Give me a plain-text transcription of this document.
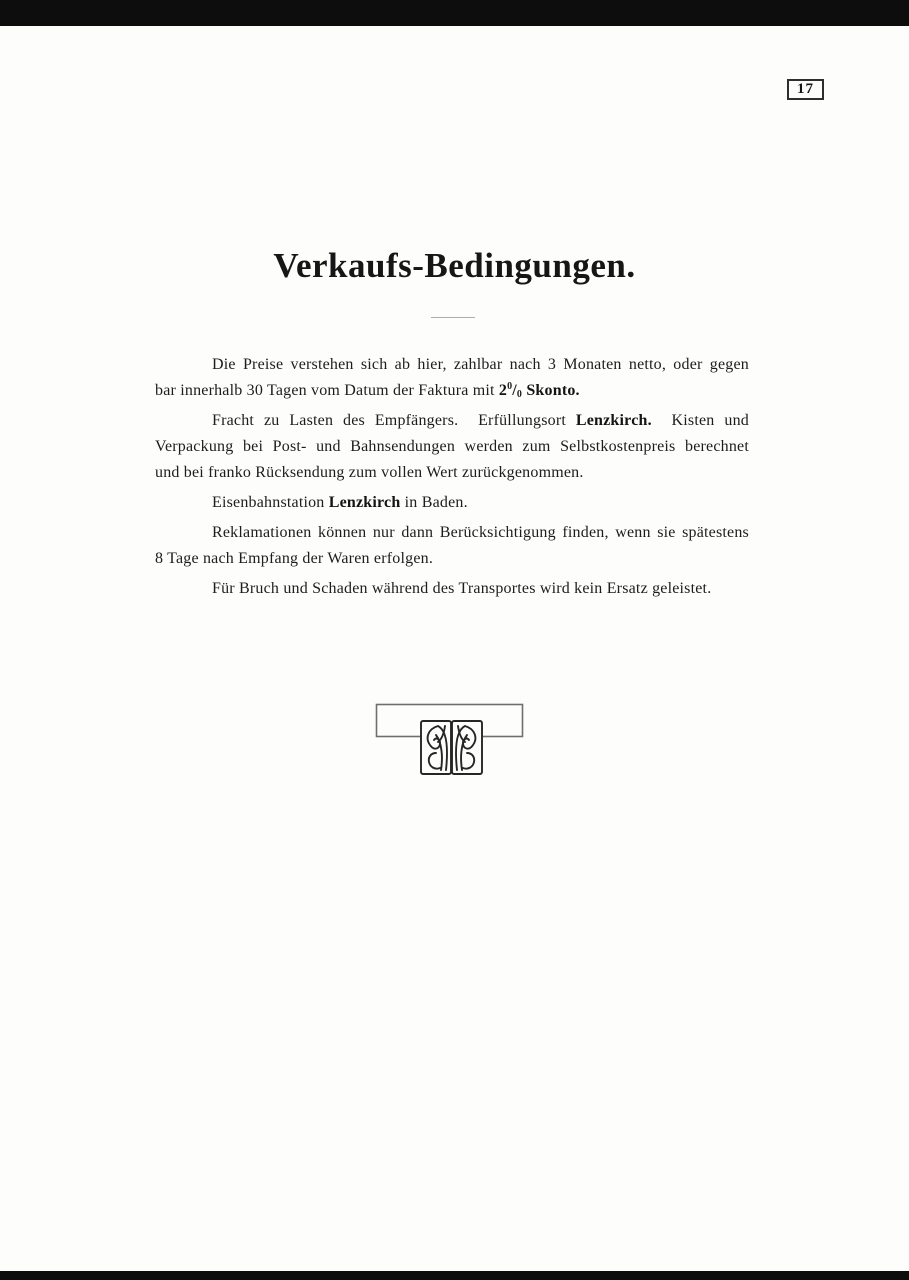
17
Verkaufs-Bedingungen.
Die Preise verstehen sich ab hier, zahlbar nach 3 Monaten netto, oder gegen
bar innerhalb 30 Tagen vom Datum der Faktura mit $2^0/_0$ Skonto.
Fracht zu Lasten des Empfängers.  Erfüllungsort Lenzkirch.  Kisten und
Verpackung bei Post- und Bahnsendungen werden zum Selbstkostenpreis berechnet
und bei franko Rücksendung zum vollen Wert zurückgenommen.
Eisenbahnstation Lenzkirch in Baden.
Reklamationen können nur dann Berücksichtigung finden, wenn sie spätestens
8 Tage nach Empfang der Waren erfolgen.
Für Bruch und Schaden während des Transportes wird kein Ersatz geleistet.
